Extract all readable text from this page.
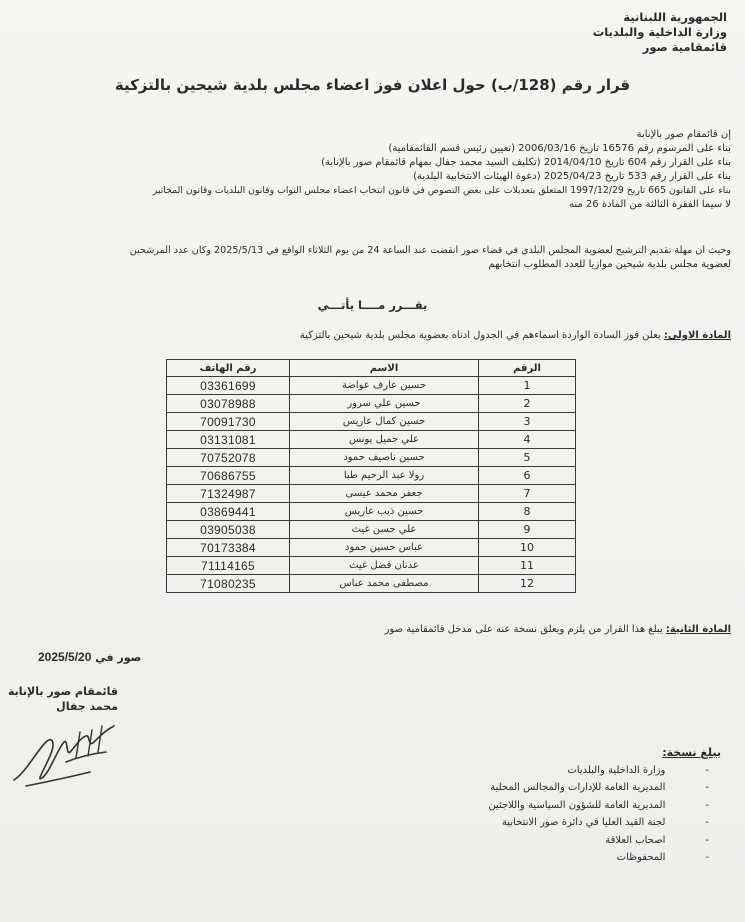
الجمهورية اللبنانية
وزارة الداخلية والبلديات
قائمقامية صور
قرار رقم (128/ب) حول اعلان فوز اعضاء مجلس بلدية شيحين بالتزكية
إن قائمقام صور بالإنابة
بناء على المرسوم رقم 16576 تاريخ 2006/03/16 (تعيين رئيس قسم القائمقامية)
بناء على القرار رقم 604 تاريخ 2014/04/10 (تكليف السيد محمد جفال بمهام قائمقام صور بالإنابة)
بناء على القرار رقم 533 تاريخ 2025/04/23 (دعوة الهيئات الانتخابية البلدية)
بناء على القانون 665 تاريخ 1997/12/29 المتعلق بتعديلات على بعض النصوص في قانون انتخاب اعضاء مجلس النواب وقانون البلديات وقانون المخاتير
لا سيما الفقرة الثالثة من المادة 26 منه
وحيث ان مهلة تقديم الترشيح لعضوية المجلس البلدي في قضاء صور انقضت عند الساعة 24 من يوم الثلاثاء الواقع في 2025/5/13 وكان عدد المرشحين
لعضوية مجلس بلدية شيحين موازيا للعدد المطلوب انتخابهم
يقـــرر مــــا يأتـــي
المادة الاولى: يعلن فوز السادة الواردة اسماءهم في الجدول ادناه بعضوية مجلس بلدية شيحين بالتزكية
الرقم	الاسم	رقم الهاتف
1	حسين عارف عواضة	03361699
2	حسين علي سرور	03078988
3	حسين كمال عاريس	70091730
4	علي جميل يونس	03131081
5	حسين ناصيف حمود	70752078
6	رولا عبد الرحيم طبا	70686755
7	جعفر محمد عيسى	71324987
8	حسين ذيب عاريس	03869441
9	علي حسن غيث	03905038
10	عباس حسين حمود	70173384
11	عدنان فضل غيث	71114165
12	مصطفى محمد عباس	71080235
المادة الثانية: يبلغ هذا القرار من يلزم ويعلق نسخة عنه على مدخل قائمقامية صور
صور في 2025/5/20
قائمقام صور بالإنابة
محمد جفال
يبلغ نسخة:
- وزارة الداخلية والبلديات
- المديرية العامة للإدارات والمجالس المحلية
- المديرية العامة للشؤون السياسية واللاجئين
- لجنة القيد العليا في دائرة صور الانتخابية
- اصحاب العلاقة
- المحفوظات
